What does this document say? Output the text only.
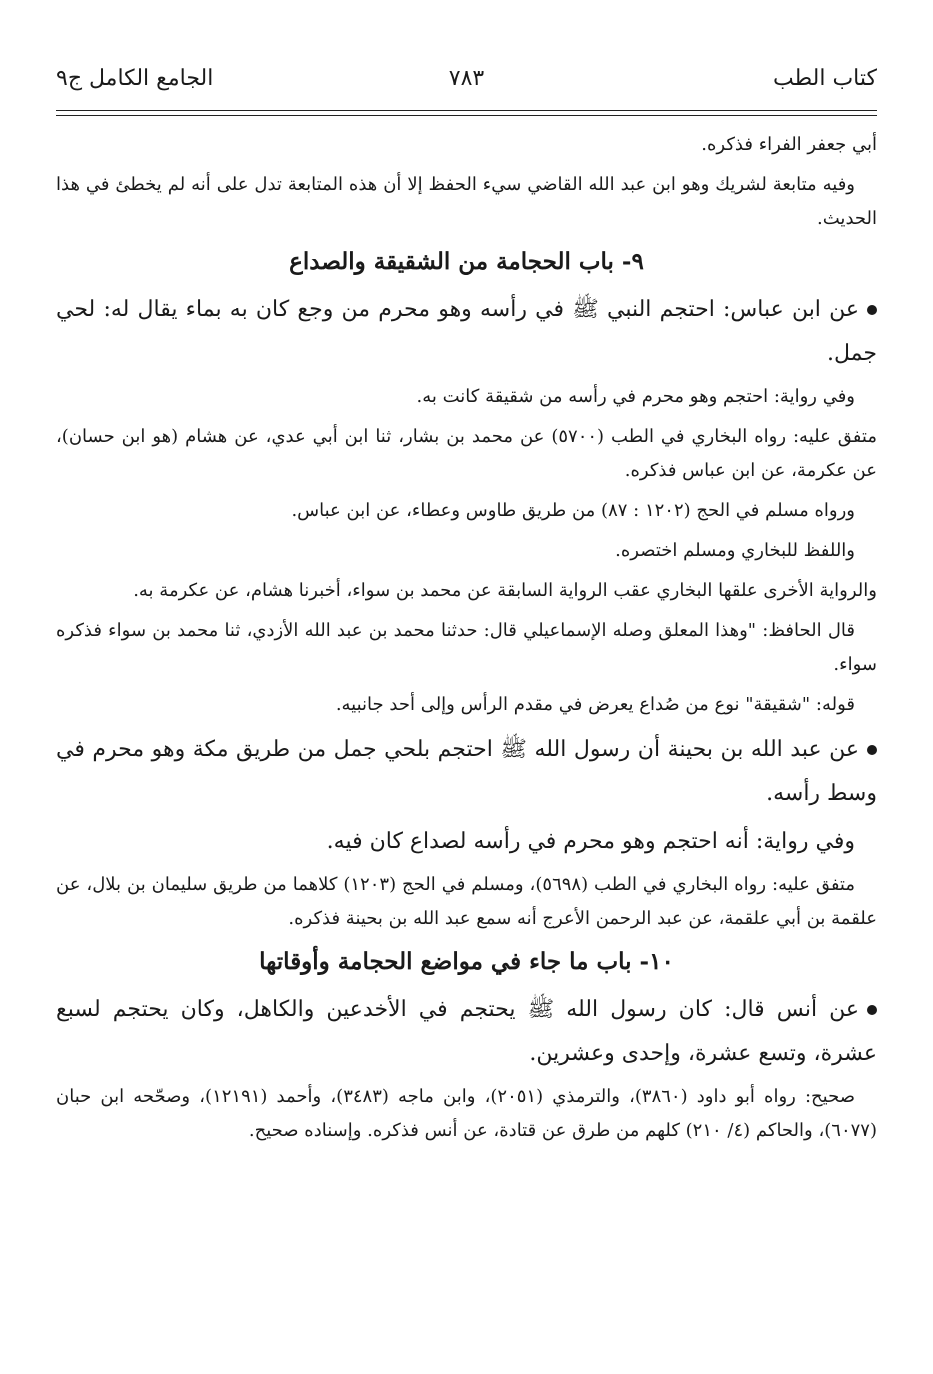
الجامع الكامل ج٩	٧٨٣	كتاب الطب

أبي جعفر الفراء فذكره.

وفيه متابعة لشريك وهو ابن عبد الله القاضي سيء الحفظ إلا أن هذه المتابعة تدل على أنه لم يخطئ في هذا الحديث.

٩- باب الحجامة من الشقيقة والصداع

عن ابن عباس: احتجم النبي ﷺ في رأسه وهو محرم من وجع كان به بماء يقال له: لحي جمل.

وفي رواية: احتجم وهو محرم في رأسه من شقيقة كانت به.

متفق عليه: رواه البخاري في الطب (٥٧٠٠) عن محمد بن بشار، ثنا ابن أبي عدي، عن هشام (هو ابن حسان)، عن عكرمة، عن ابن عباس فذكره.

ورواه مسلم في الحج (١٢٠٢ : ٨٧) من طريق طاوس وعطاء، عن ابن عباس.

واللفظ للبخاري ومسلم اختصره.

والرواية الأخرى علقها البخاري عقب الرواية السابقة عن محمد بن سواء، أخبرنا هشام، عن عكرمة به.

قال الحافظ: "وهذا المعلق وصله الإسماعيلي قال: حدثنا محمد بن عبد الله الأزدي، ثنا محمد بن سواء فذكره سواء.

قوله: "شقيقة" نوع من صُداع يعرض في مقدم الرأس وإلى أحد جانبيه.

عن عبد الله بن بحينة أن رسول الله ﷺ احتجم بلحي جمل من طريق مكة وهو محرم في وسط رأسه.

وفي رواية: أنه احتجم وهو محرم في رأسه لصداع كان فيه.

متفق عليه: رواه البخاري في الطب (٥٦٩٨)، ومسلم في الحج (١٢٠٣) كلاهما من طريق سليمان بن بلال، عن علقمة بن أبي علقمة، عن عبد الرحمن الأعرج أنه سمع عبد الله بن بحينة فذكره.

١٠- باب ما جاء في مواضع الحجامة وأوقاتها

عن أنس قال: كان رسول الله ﷺ يحتجم في الأخدعين والكاهل، وكان يحتجم لسبع عشرة، وتسع عشرة، وإحدى وعشرين.

صحيح: رواه أبو داود (٣٨٦٠)، والترمذي (٢٠٥١)، وابن ماجه (٣٤٨٣)، وأحمد (١٢١٩١)، وصحّحه ابن حبان (٦٠٧٧)، والحاكم (٤/ ٢١٠) كلهم من طرق عن قتادة، عن أنس فذكره. وإسناده صحيح.
